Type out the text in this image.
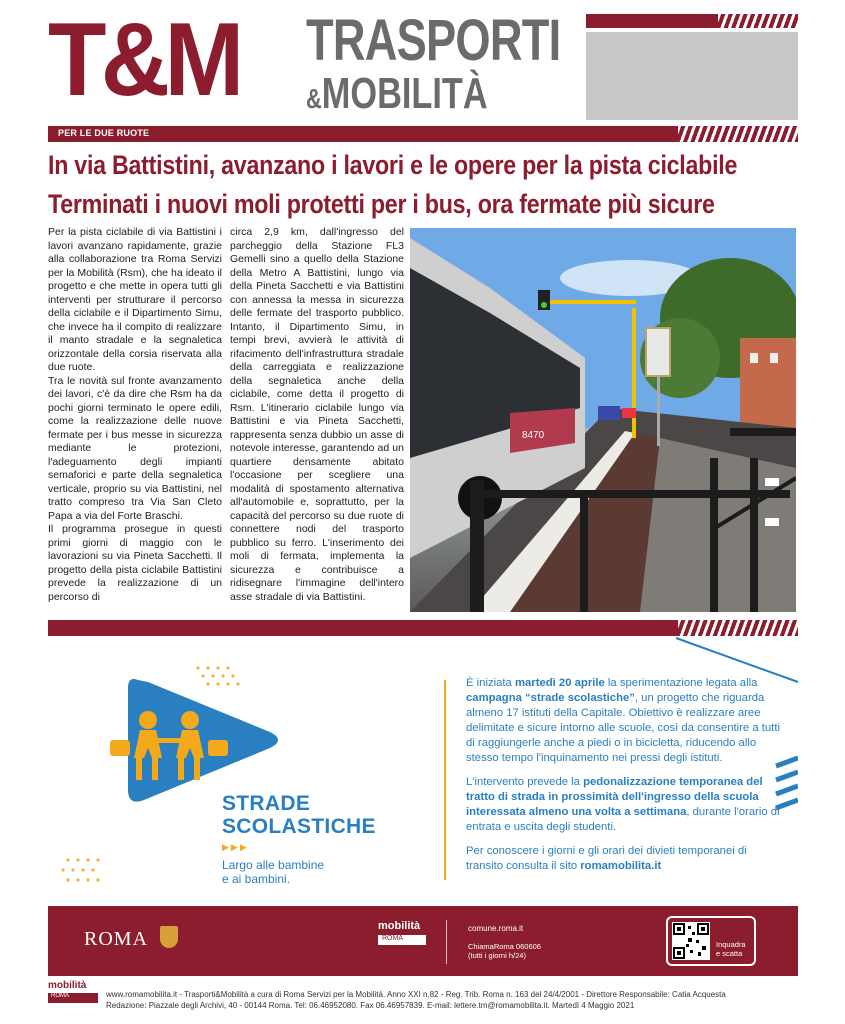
T&M TRASPORTI
&MOBILITÀ
PER LE DUE RUOTE
In via Battistini, avanzano i lavori e le opere per la pista ciclabile
Terminati i nuovi moli protetti per i bus, ora fermate più sicure

Per la pista ciclabile di via Battistini i lavori avanzano rapidamente, grazie alla collaborazione tra Roma Servizi per la Mobilità (Rsm), che ha ideato il progetto e che mette in opera tutti gli interventi per strutturare il percorso della ciclabile e il Dipartimento Simu, che invece ha il compito di realizzare il manto stradale e la segnaletica orizzontale della corsia riservata alla due ruote.

Tra le novità sul fronte avanzamento dei lavori, c'è da dire che Rsm ha da pochi giorni terminato le opere edili, come la realizzazione delle nuove fermate per i bus messe in sicurezza mediante le protezioni, l'adeguamento degli impianti semaforici e parte della segnaletica verticale, proprio su via Battistini, nel tratto compreso tra Via San Cleto Papa a via del Forte Braschi.

Il programma prosegue in questi primi giorni di maggio con le lavorazioni su via Pineta Sacchetti. Il progetto della pista ciclabile Battistini prevede la realizzazione di un percorso di

circa 2,9 km, dall'ingresso del parcheggio della Stazione FL3 Gemelli sino a quello della Stazione della Metro A Battistini, lungo via della Pineta Sacchetti e via Battistini con annessa la messa in sicurezza delle fermate del trasporto pubblico. Intanto, il Dipartimento Simu, in tempi brevi, avvierà le attività di rifacimento dell'infrastruttura stradale della carreggiata e realizzazione della segnaletica anche della ciclabile, come detta il progetto di Rsm. L'itinerario ciclabile lungo via Battistini e via Pineta Sacchetti, rappresenta senza dubbio un asse di notevole interesse, garantendo ad un quartiere densamente abitato l'occasione per scegliere una modalità di spostamento alternativa all'automobile e, soprattutto, per la capacità del percorso su due ruote di connettere nodi del trasporto pubblico su ferro. L'inserimento dei moli di fermata, implementa la sicurezza e contribuisce a ridisegnare l'immagine dell'intero asse stradale di via Battistini.

8470
STRADE
SCOLASTICHE
▶▶▶
Largo alle bambine
e ai bambini.

È iniziata martedì 20 aprile la sperimentazione legata alla campagna “strade scolastiche”, un progetto che riguarda almeno 17 istituti della Capitale. Obiettivo è realizzare aree delimitate e sicure intorno alle scuole, così da consentire a tutti di raggiungerle anche a piedi o in bicicletta, riducendo allo stesso tempo l'inquinamento nei pressi degli istituti.

L'intervento prevede la pedonalizzazione temporanea del tratto di strada in prossimità dell'ingresso della scuola interessata almeno una volta a settimana, durante l'orario di entrata e uscita degli studenti.

Per conoscere i giorni e gli orari dei divieti temporanei di transito consulta il sito romamobilita.it

ROMA
mobilità
ROMA
comune.roma.it
ChiamaRoma 060606
(tutti i giorni h/24)
Inquadra
e scatta
mobilità
ROMA	www.romamobilita.it - Trasporti&Mobilità a cura di Roma Servizi per la Mobilità. Anno XXI n.82 - Reg. Trib. Roma n. 163 del 24/4/2001 - Direttore Responsabile: Catia Acquesta
Redazione: Piazzale degli Archivi, 40 - 00144 Roma. Tel: 06.46952080. Fax 06.46957839. E-mail: lettere.tm@romamobilita.it. Martedì 4 Maggio 2021
